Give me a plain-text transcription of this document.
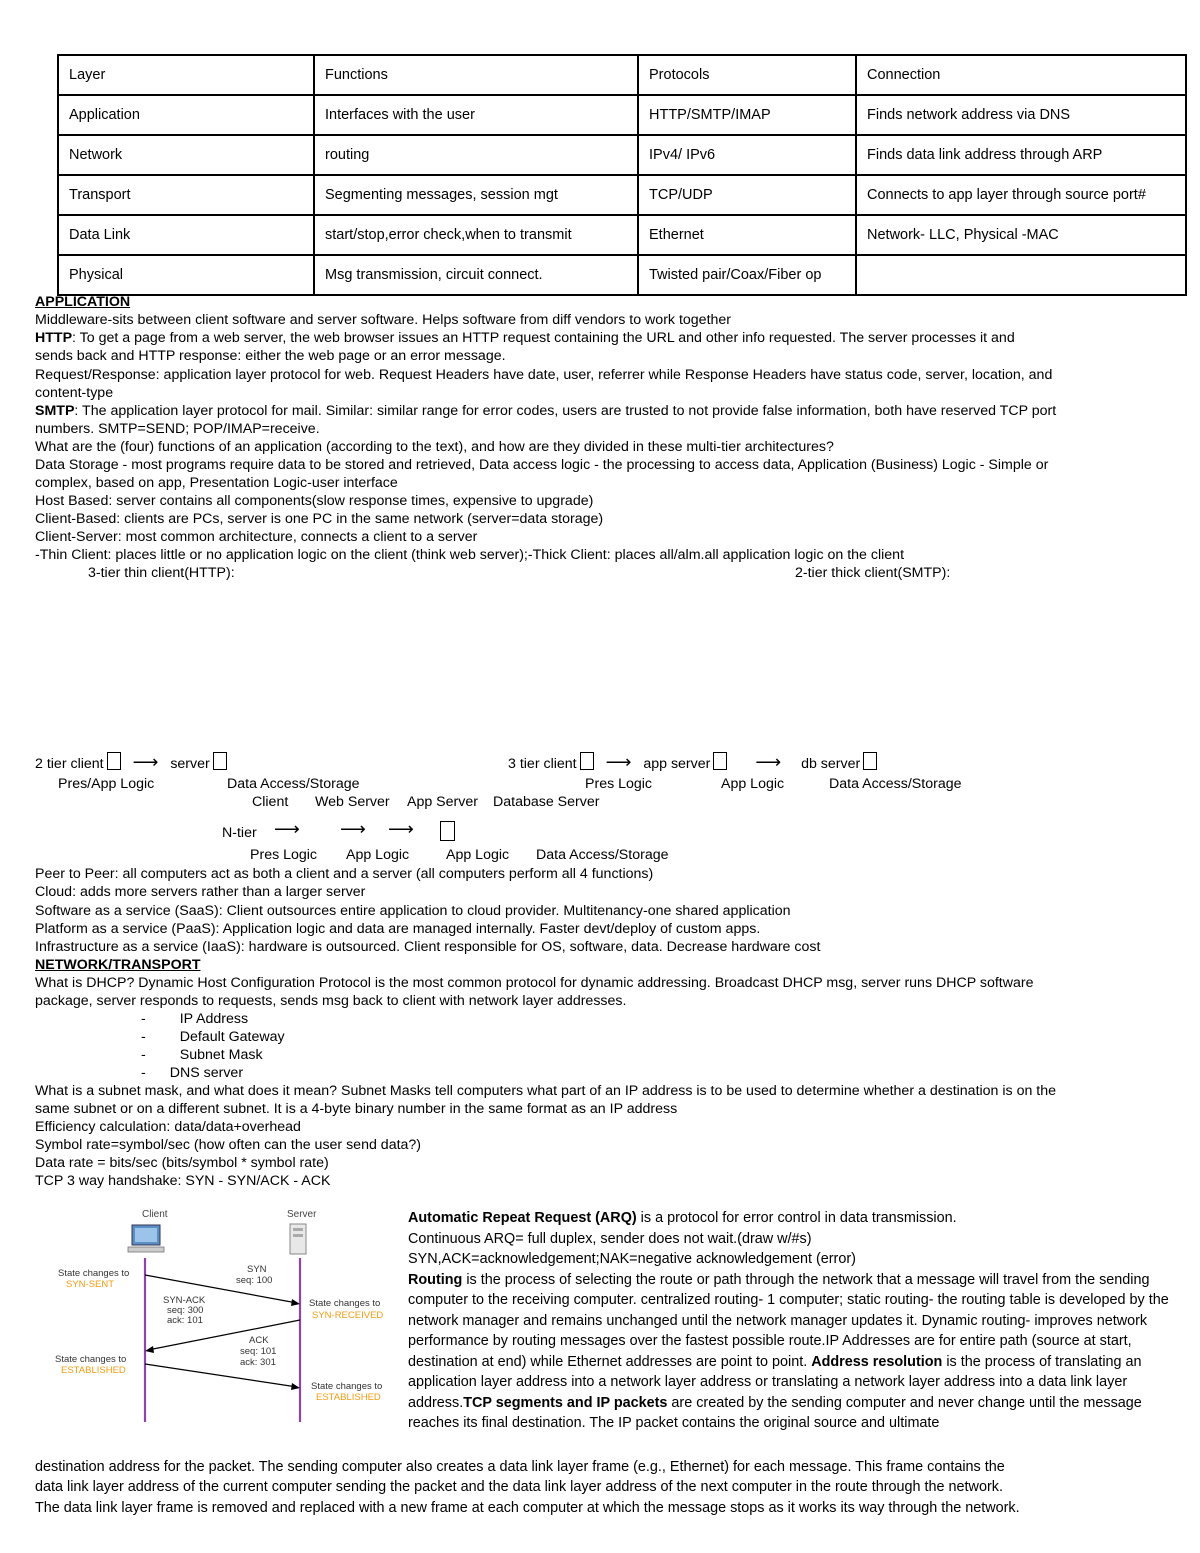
Layer	Functions	Protocols	Connection
Application	Interfaces with the user	HTTP/SMTP/IMAP	Finds network address via DNS
Network	routing	IPv4/ IPv6	Finds data link address through ARP
Transport	Segmenting messages, session mgt	TCP/UDP	Connects to app layer through source port#
Data Link	start/stop,error check,when to transmit	Ethernet	Network- LLC, Physical -MAC
Physical	Msg transmission, circuit connect.	Twisted pair/Coax/Fiber op	
APPLICATION
Middleware-sits between client software and server software. Helps software from diff vendors to work together
HTTP: To get a page from a web server, the web browser issues an HTTP request containing the URL and other info requested. The server processes it and
sends back and HTTP response: either the web page or an error message.
Request/Response: application layer protocol for web. Request Headers have date, user, referrer while Response Headers have status code, server, location, and
content-type
SMTP: The application layer protocol for mail. Similar: similar range for error codes, users are trusted to not provide false information, both have reserved TCP port
numbers. SMTP=SEND; POP/IMAP=receive.
What are the (four) functions of an application (according to the text), and how are they divided in these multi-tier architectures?
Data Storage - most programs require data to be stored and retrieved, Data access logic - the processing to access data, Application (Business) Logic - Simple or
complex, based on app, Presentation Logic-user interface
Host Based: server contains all components(slow response times, expensive to upgrade)
Client-Based: clients are PCs, server is one PC in the same network (server=data storage)
Client-Server: most common architecture, connects a client to a server
-Thin Client: places little or no application logic on the client (think web server);-Thick Client: places all/alm.all application logic on the client
3-tier thin client(HTTP):	2-tier thick client(SMTP):
2 tier client ⟶ server	3 tier client ⟶ app server ⟶ db server
Pres/App Logic	Data Access/Storage	Pres Logic	App Logic	Data Access/Storage
Client Web Server App Server Database Server
N-tier ⟶ ⟶ ⟶
Pres Logic App Logic	App Logic Data Access/Storage
Peer to Peer: all computers act as both a client and a server (all computers perform all 4 functions)
Cloud: adds more servers rather than a larger server
Software as a service (SaaS): Client outsources entire application to cloud provider. Multitenancy-one shared application
Platform as a service (PaaS): Application logic and data are managed internally. Faster devt/deploy of custom apps.
Infrastructure as a service (IaaS): hardware is outsourced. Client responsible for OS, software, data. Decrease hardware cost
NETWORK/TRANSPORT
What is DHCP? Dynamic Host Configuration Protocol is the most common protocol for dynamic addressing. Broadcast DHCP msg, server runs DHCP software
package, server responds to requests, sends msg back to client with network layer addresses.
- IP Address
- Default Gateway
- Subnet Mask
- DNS server
What is a subnet mask, and what does it mean? Subnet Masks tell computers what part of an IP address is to be used to determine whether a destination is on the
same subnet or on a different subnet. It is a 4-byte binary number in the same format as an IP address
Efficiency calculation: data/data+overhead
Symbol rate=symbol/sec (how often can the user send data?)
Data rate = bits/sec (bits/symbol * symbol rate)
TCP 3 way handshake: SYN - SYN/ACK - ACK
Client	Server
State changes to
SYN-SENT
SYN
seq: 100
SYN-ACK
seq: 300
ack: 101
State changes to
SYN-RECEIVED
ACK
seq: 101
ack: 301
State changes to
ESTABLISHED
State changes to
ESTABLISHED
Automatic Repeat Request (ARQ) is a protocol for error control in data transmission.
Continuous ARQ= full duplex, sender does not wait.(draw w/#s)
SYN,ACK=acknowledgement;NAK=negative acknowledgement (error)
Routing is the process of selecting the route or path through the network that a message will travel from the sending computer to the receiving computer. centralized routing- 1 computer; static routing- the routing table is developed by the network manager and remains unchanged until the network manager updates it. Dynamic routing- improves network performance by routing messages over the fastest possible route.IP Addresses are for entire path (source at start, destination at end) while Ethernet addresses are point to point. Address resolution is the process of translating an application layer address into a network layer address or translating a network layer address into a data link layer address.TCP segments and IP packets are created by the sending computer and never change until the message reaches its final destination. The IP packet contains the original source and ultimate
destination address for the packet. The sending computer also creates a data link layer frame (e.g., Ethernet) for each message. This frame contains the
data link layer address of the current computer sending the packet and the data link layer address of the next computer in the route through the network.
The data link layer frame is removed and replaced with a new frame at each computer at which the message stops as it works its way through the network.
